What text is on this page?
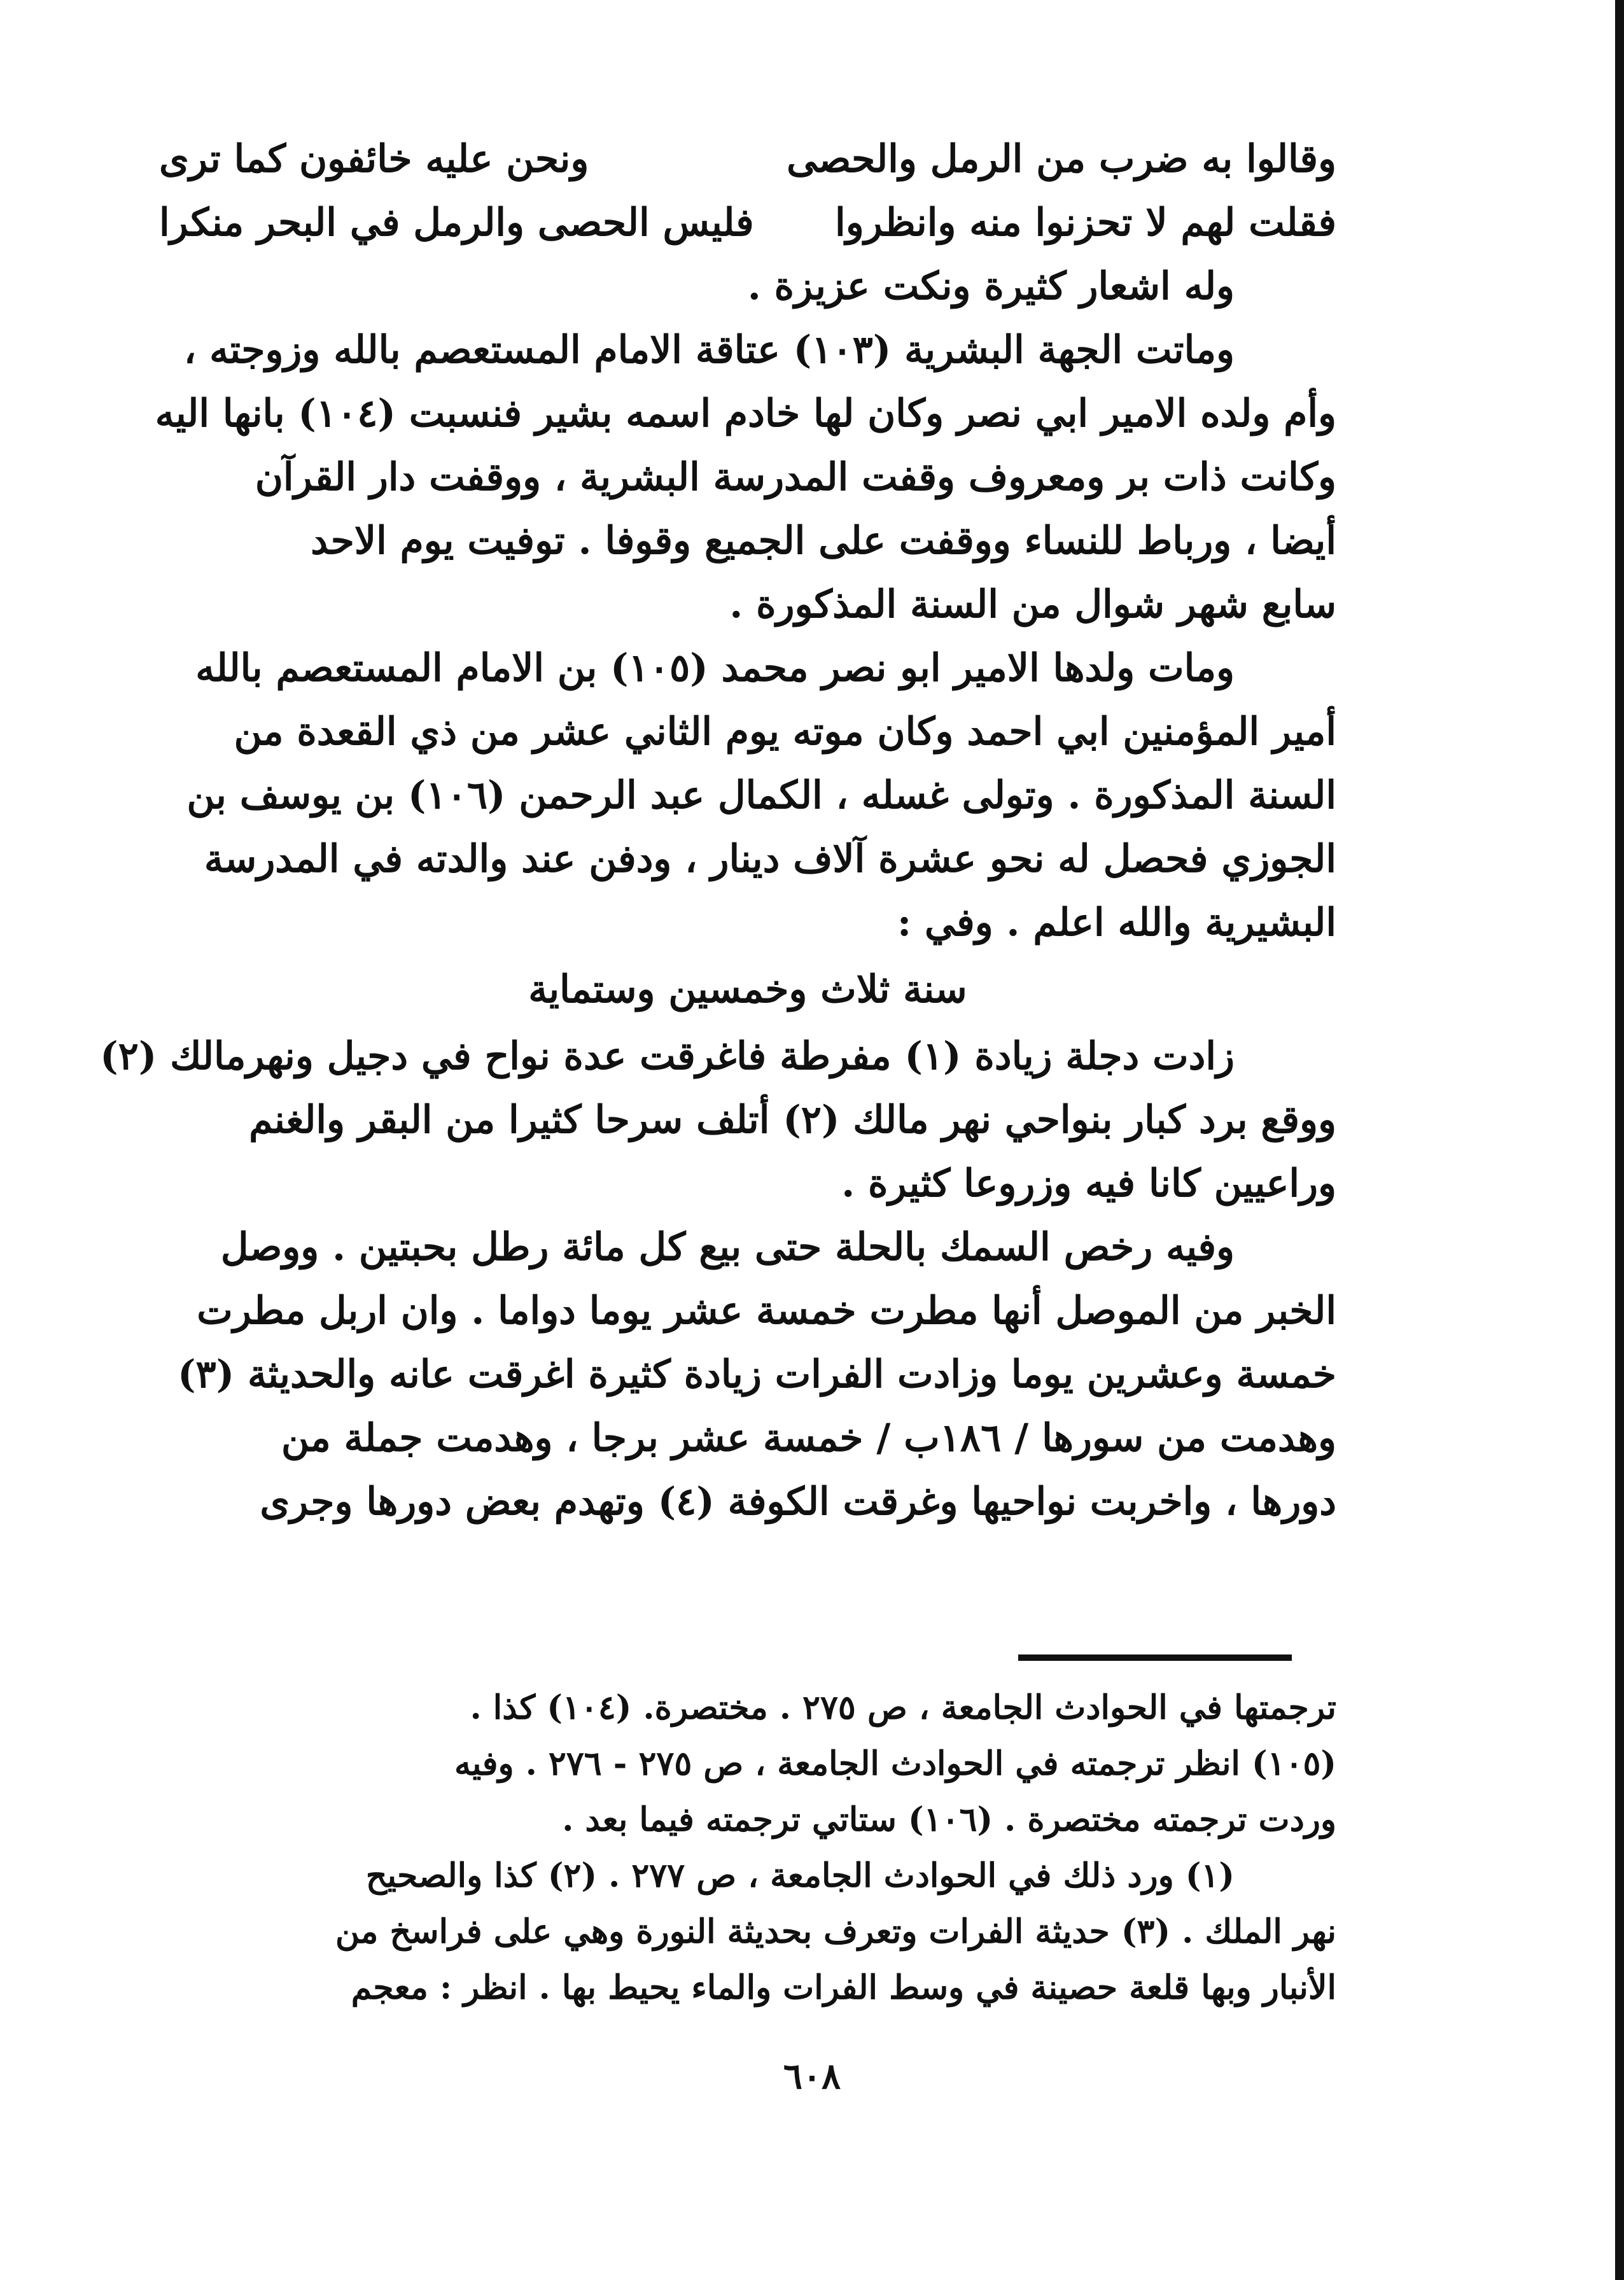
وقالوا به ضرب من الرمل والحصى
ونحن عليه خائفون كما ترى
فقلت لهم لا تحزنوا منه وانظروا
فليس الحصى والرمل في البحر منكرا
وله اشعار كثيرة ونكت عزيزة .
وماتت الجهة البشرية (١٠٣) عتاقة الامام المستعصم بالله وزوجته ،
وأم ولده الامير ابي نصر وكان لها خادم اسمه بشير فنسبت (١٠٤) بانها اليه
وكانت ذات بر ومعروف وقفت المدرسة البشرية ، ووقفت دار القرآن
أيضا ، ورباط للنساء ووقفت على الجميع وقوفا . توفيت يوم الاحد
سابع شهر شوال من السنة المذكورة .
ومات ولدها الامير ابو نصر محمد (١٠٥) بن الامام المستعصم بالله
أمير المؤمنين ابي احمد وكان موته يوم الثاني عشر من ذي القعدة من
السنة المذكورة . وتولى غسله ، الكمال عبد الرحمن (١٠٦) بن يوسف بن
الجوزي فحصل له نحو عشرة آلاف دينار ، ودفن عند والدته في المدرسة
البشيرية والله اعلم . وفي :
سنة ثلاث وخمسين وستماية
زادت دجلة زيادة (١) مفرطة فاغرقت عدة نواح في دجيل ونهرمالك (٢)
ووقع برد كبار بنواحي نهر مالك (٢) أتلف سرحا كثيرا من البقر والغنم
وراعيين كانا فيه وزروعا كثيرة .
وفيه رخص السمك بالحلة حتى بيع كل مائة رطل بحبتين . ووصل
الخبر من الموصل أنها مطرت خمسة عشر يوما دواما . وان اربل مطرت
خمسة وعشرين يوما وزادت الفرات زيادة كثيرة اغرقت عانه والحديثة (٣)
وهدمت من سورها / ١٨٦ب / خمسة عشر برجا ، وهدمت جملة من
دورها ، واخربت نواحيها وغرقت الكوفة (٤) وتهدم بعض دورها وجرى
ترجمتها في الحوادث الجامعة ، ص ٢٧٥ . مختصرة. (١٠٤) كذا .
(١٠٥) انظر ترجمته في الحوادث الجامعة ، ص ٢٧٥ - ٢٧٦ . وفيه
وردت ترجمته مختصرة . (١٠٦) ستاتي ترجمته فيما بعد .
(١) ورد ذلك في الحوادث الجامعة ، ص ٢٧٧ . (٢) كذا والصحيح
نهر الملك . (٣) حديثة الفرات وتعرف بحديثة النورة وهي على فراسخ من
الأنبار وبها قلعة حصينة في وسط الفرات والماء يحيط بها . انظر : معجم
٦٠٨
